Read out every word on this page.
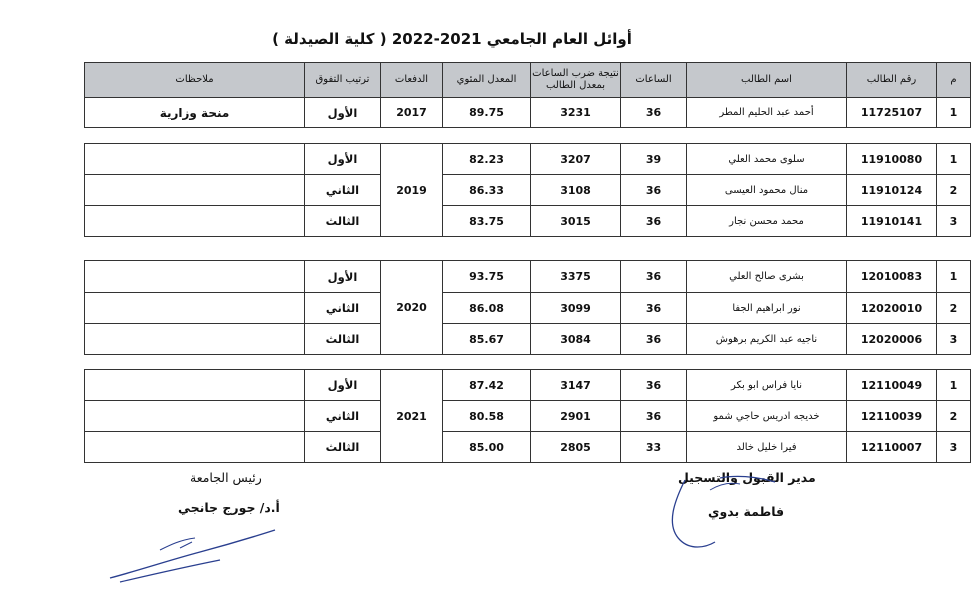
أوائل العام الجامعي 2021-2022 ( كلية الصيدلة )
م	رقم الطالب	اسم الطالب	الساعات	نتيجة ضرب الساعات بمعدل الطالب	المعدل المئوي	الدفعات	ترتيب التفوق	ملاحظات
1	11725107	أحمد عبد الحليم المطر	36	3231	89.75	2017	الأول	منحة وزارية
1	11910080	سلوى محمد العلي	39	3207	82.23	2019	الأول	
2	11910124	منال محمود العيسى	36	3108	86.33		الثاني	
3	11910141	محمد محسن نجار	36	3015	83.75		الثالث	
1	12010083	بشرى صالح العلي	36	3375	93.75	2020	الأول	
2	12020010	نور ابراهيم الجفا	36	3099	86.08		الثاني	
3	12020006	ناجيه عبد الكريم برهوش	36	3084	85.67		الثالث	
1	12110049	نايا فراس ابو بكر	36	3147	87.42	2021	الأول	
2	12110039	خديجه ادريس حاجي شمو	36	2901	80.58		الثاني	
3	12110007	فيرا خليل خالد	33	2805	85.00		الثالث	
رئيس الجامعة
أ.د/ جورج جانجي
مدير القبول والتسجيل
فاطمة بدوي
